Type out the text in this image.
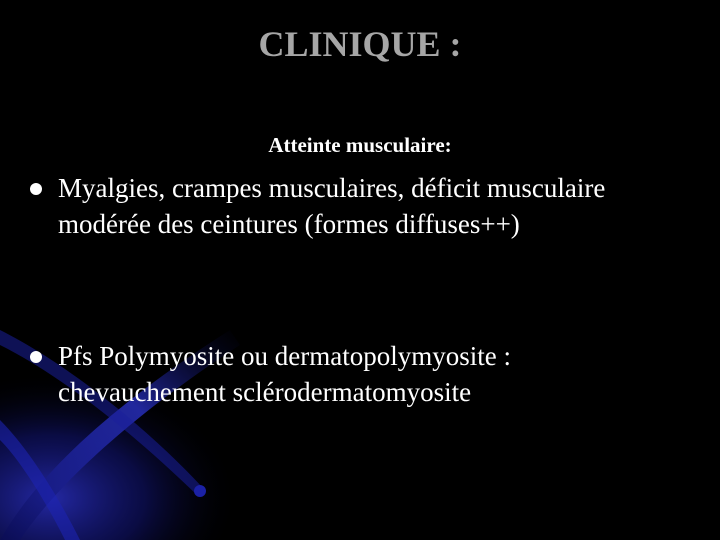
CLINIQUE :
Atteinte musculaire:
Myalgies, crampes musculaires, déficit musculaire modérée des ceintures (formes diffuses++)
Pfs Polymyosite ou dermatopolymyosite : chevauchement sclérodermatomyosite
